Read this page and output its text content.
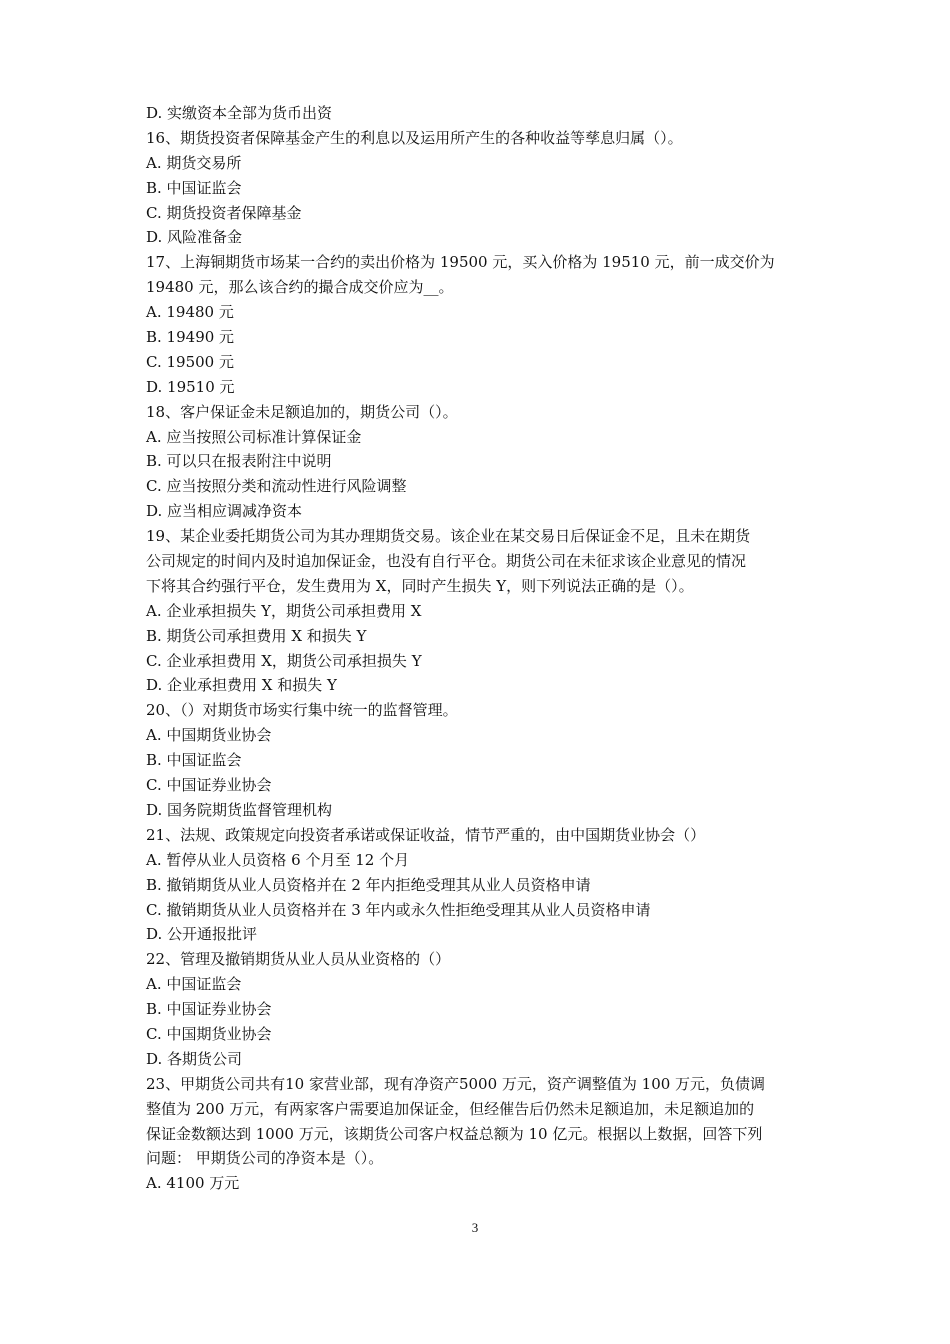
D. 实缴资本全部为货币出资
16、期货投资者保障基金产生的利息以及运用所产生的各种收益等孳息归属（）。
A. 期货交易所
B. 中国证监会
C. 期货投资者保障基金
D. 风险准备金
17、上海铜期货市场某一合约的卖出价格为 19500 元，买入价格为 19510 元，前一成交价为
19480 元，那么该合约的撮合成交价应为__。
A. 19480 元
B. 19490 元
C. 19500 元
D. 19510 元
18、客户保证金未足额追加的，期货公司（）。
A. 应当按照公司标准计算保证金
B. 可以只在报表附注中说明
C. 应当按照分类和流动性进行风险调整
D. 应当相应调减净资本
19、某企业委托期货公司为其办理期货交易。该企业在某交易日后保证金不足，且未在期货
公司规定的时间内及时追加保证金，也没有自行平仓。期货公司在未征求该企业意见的情况
下将其合约强行平仓，发生费用为 X，同时产生损失 Y，则下列说法正确的是（）。
A. 企业承担损失 Y，期货公司承担费用 X
B. 期货公司承担费用 X 和损失 Y
C. 企业承担费用 X，期货公司承担损失 Y
D. 企业承担费用 X 和损失 Y
20、（）对期货市场实行集中统一的监督管理。
A. 中国期货业协会
B. 中国证监会
C. 中国证券业协会
D. 国务院期货监督管理机构
21、法规、政策规定向投资者承诺或保证收益，情节严重的，由中国期货业协会（）
A. 暂停从业人员资格 6 个月至 12 个月
B. 撤销期货从业人员资格并在 2 年内拒绝受理其从业人员资格申请
C. 撤销期货从业人员资格并在 3 年内或永久性拒绝受理其从业人员资格申请
D. 公开通报批评
22、管理及撤销期货从业人员从业资格的（）
A. 中国证监会
B. 中国证券业协会
C. 中国期货业协会
D. 各期货公司
23、甲期货公司共有10 家营业部，现有净资产5000 万元，资产调整值为 100 万元，负债调
整值为 200 万元，有两家客户需要追加保证金，但经催告后仍然未足额追加，未足额追加的
保证金数额达到 1000 万元，该期货公司客户权益总额为 10 亿元。根据以上数据，回答下列
问题： 甲期货公司的净资本是（）。
A. 4100 万元
3
